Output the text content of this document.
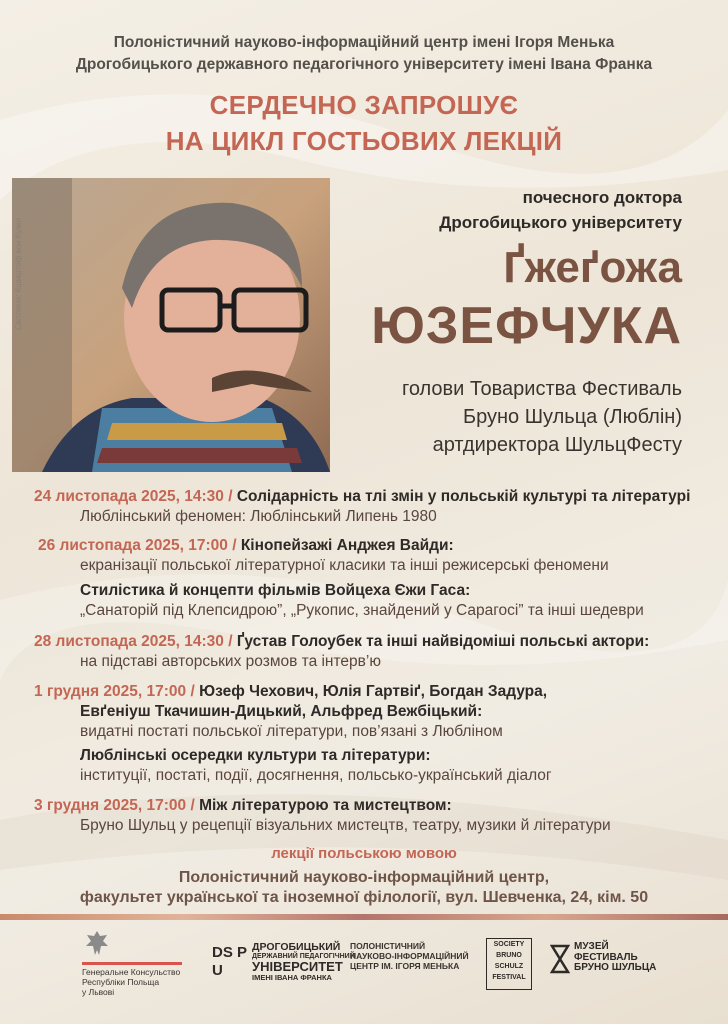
Полоністичний науково-інформаційний центр імені Ігоря Менька
Дрогобицького державного педагогічного університету імені Івана Франка
СЕРДЕЧНО ЗАПРОШУЄ
НА ЦИКЛ ГОСТЬОВИХ ЛЕКЦІЙ
Світлина: Кшиштоф вон Кузко
почесного доктора
Дрогобицького університету
Ґжеґожа
ЮЗЕФЧУКА
голови Товариства Фестиваль
Бруно Шульца (Люблін)
артдиректора ШульцФесту
24 листопада 2025, 14:30 / Солідарність на тлі змін у польській культурі та літературі
Люблінський феномен: Люблінський Липень 1980
26 листопада 2025, 17:00 / Кінопейзажі Анджея Вайди:
екранізації польської літературної класики та інші режисерські феномени
Стилістика й концепти фільмів Войцеха Єжи Гаса:
„Санаторій під Клепсидрою”, „Рукопис, знайдений у Сарагосі” та інші шедеври
28 листопада 2025, 14:30 / Ґустав Голоубек та інші найвідоміші польські актори:
на підставі авторських розмов та інтерв’ю
1 грудня 2025, 17:00 / Юзеф Чехович, Юлія Гартвіґ, Богдан Задура,
Евґеніуш Ткачишин-Дицький, Альфред Вежбіцький:
видатні постаті польської літератури, пов’язані з Любліном
Люблінські осередки культури та літератури:
інституції, постаті, події, досягнення, польсько-український діалог
3 грудня 2025, 17:00 / Між літературою та мистецтвом:
Бруно Шульц у рецепції візуальних мистецтв, театру, музики й літератури
лекції польською мовою
Полоністичний науково-інформаційний центр,
факультет української та іноземної філології, вул. Шевченка, 24, кім. 50
Генеральне Консульство
Республіки Польща
у Львові
DS PU
ДРОГОБИЦЬКИЙ
ДЕРЖАВНИЙ ПЕДАГОГІЧНИЙ
УНІВЕРСИТЕТ
ІМЕНІ ІВАНА ФРАНКА
ПОЛОНІСТИЧНИЙ
НАУКОВО-ІНФОРМАЦІЙНИЙ
ЦЕНТР ІМ. ІГОРЯ МЕНЬКА
SOCIETY
BRUNO
SCHULZ
FESTIVAL
МУЗЕЙ
ФЕСТИВАЛЬ
БРУНО ШУЛЬЦА
